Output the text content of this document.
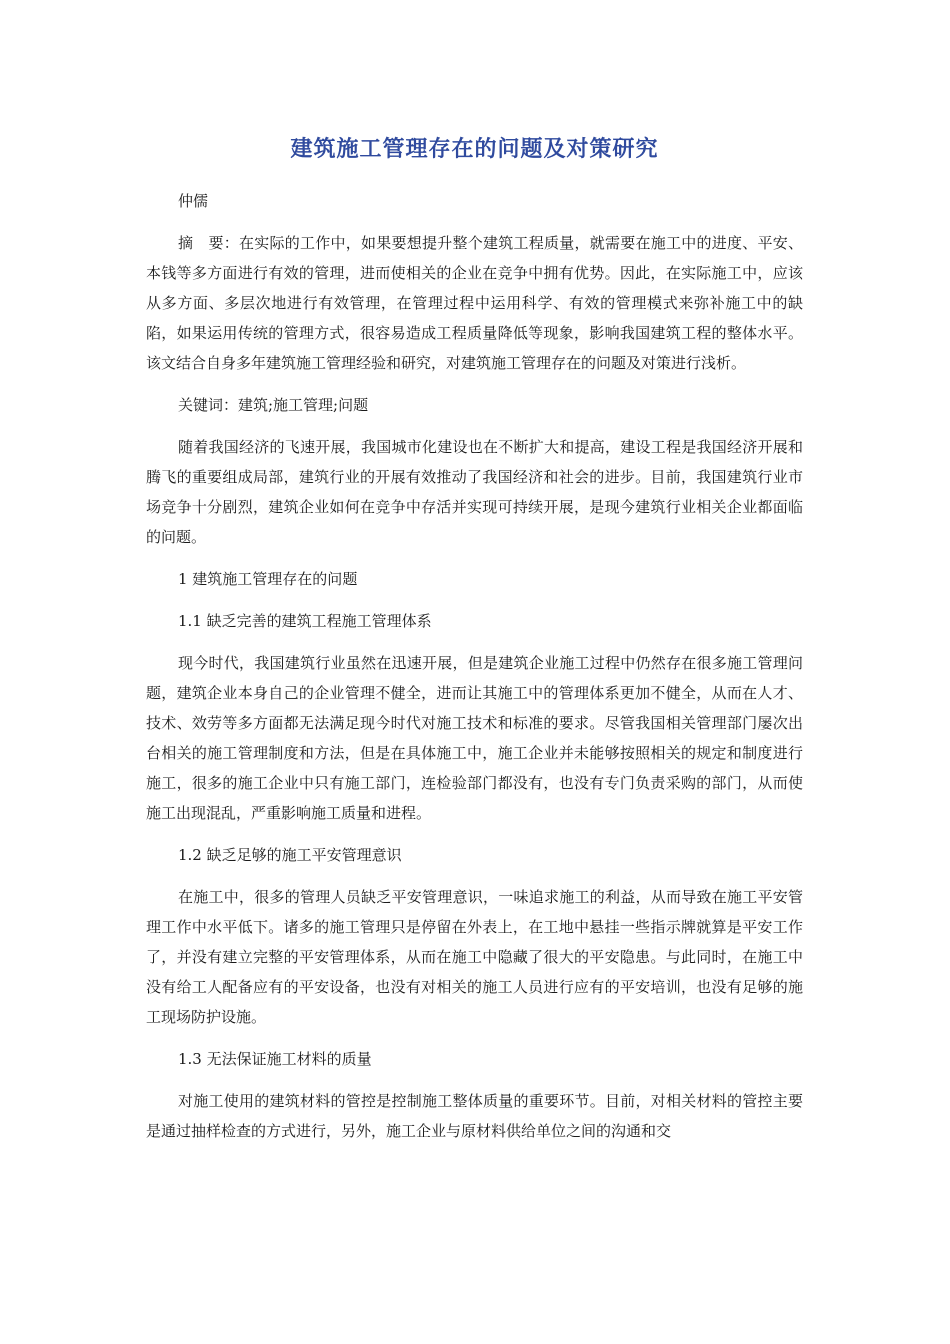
建筑施工管理存在的问题及对策研究

仲儒

摘　要：在实际的工作中，如果要想提升整个建筑工程质量，就需要在施工中的进度、平安、本钱等多方面进行有效的管理，进而使相关的企业在竞争中拥有优势。因此，在实际施工中，应该从多方面、多层次地进行有效管理，在管理过程中运用科学、有效的管理模式来弥补施工中的缺陷，如果运用传统的管理方式，很容易造成工程质量降低等现象，影响我国建筑工程的整体水平。该文结合自身多年建筑施工管理经验和研究，对建筑施工管理存在的问题及对策进行浅析。

关键词：建筑;施工管理;问题

随着我国经济的飞速开展，我国城市化建设也在不断扩大和提高，建设工程是我国经济开展和腾飞的重要组成局部，建筑行业的开展有效推动了我国经济和社会的进步。目前，我国建筑行业市场竞争十分剧烈，建筑企业如何在竞争中存活并实现可持续开展，是现今建筑行业相关企业都面临的问题。

1 建筑施工管理存在的问题

1.1 缺乏完善的建筑工程施工管理体系

现今时代，我国建筑行业虽然在迅速开展，但是建筑企业施工过程中仍然存在很多施工管理问题，建筑企业本身自己的企业管理不健全，进而让其施工中的管理体系更加不健全，从而在人才、技术、效劳等多方面都无法满足现今时代对施工技术和标准的要求。尽管我国相关管理部门屡次出台相关的施工管理制度和方法，但是在具体施工中，施工企业并未能够按照相关的规定和制度进行施工，很多的施工企业中只有施工部门，连检验部门都没有，也没有专门负责采购的部门，从而使施工出现混乱，严重影响施工质量和进程。

1.2 缺乏足够的施工平安管理意识

在施工中，很多的管理人员缺乏平安管理意识，一味追求施工的利益，从而导致在施工平安管理工作中水平低下。诸多的施工管理只是停留在外表上，在工地中悬挂一些指示牌就算是平安工作了，并没有建立完整的平安管理体系，从而在施工中隐藏了很大的平安隐患。与此同时，在施工中没有给工人配备应有的平安设备，也没有对相关的施工人员进行应有的平安培训，也没有足够的施工现场防护设施。

1.3 无法保证施工材料的质量

对施工使用的建筑材料的管控是控制施工整体质量的重要环节。目前，对相关材料的管控主要是通过抽样检查的方式进行，另外，施工企业与原材料供给单位之间的沟通和交
